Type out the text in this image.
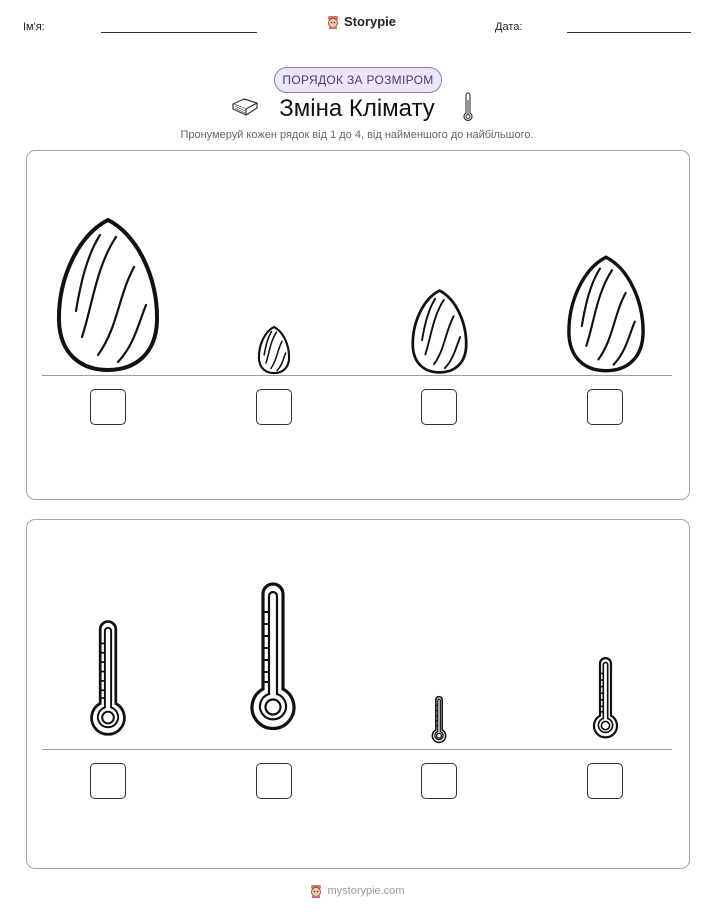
Ім'я:	Storypie	Дата:
ПОРЯДОК ЗА РОЗМІРОМ
Зміна Клімату
Пронумеруй кожен рядок від 1 до 4, від найменшого до найбільшого.
mystorypie.com
